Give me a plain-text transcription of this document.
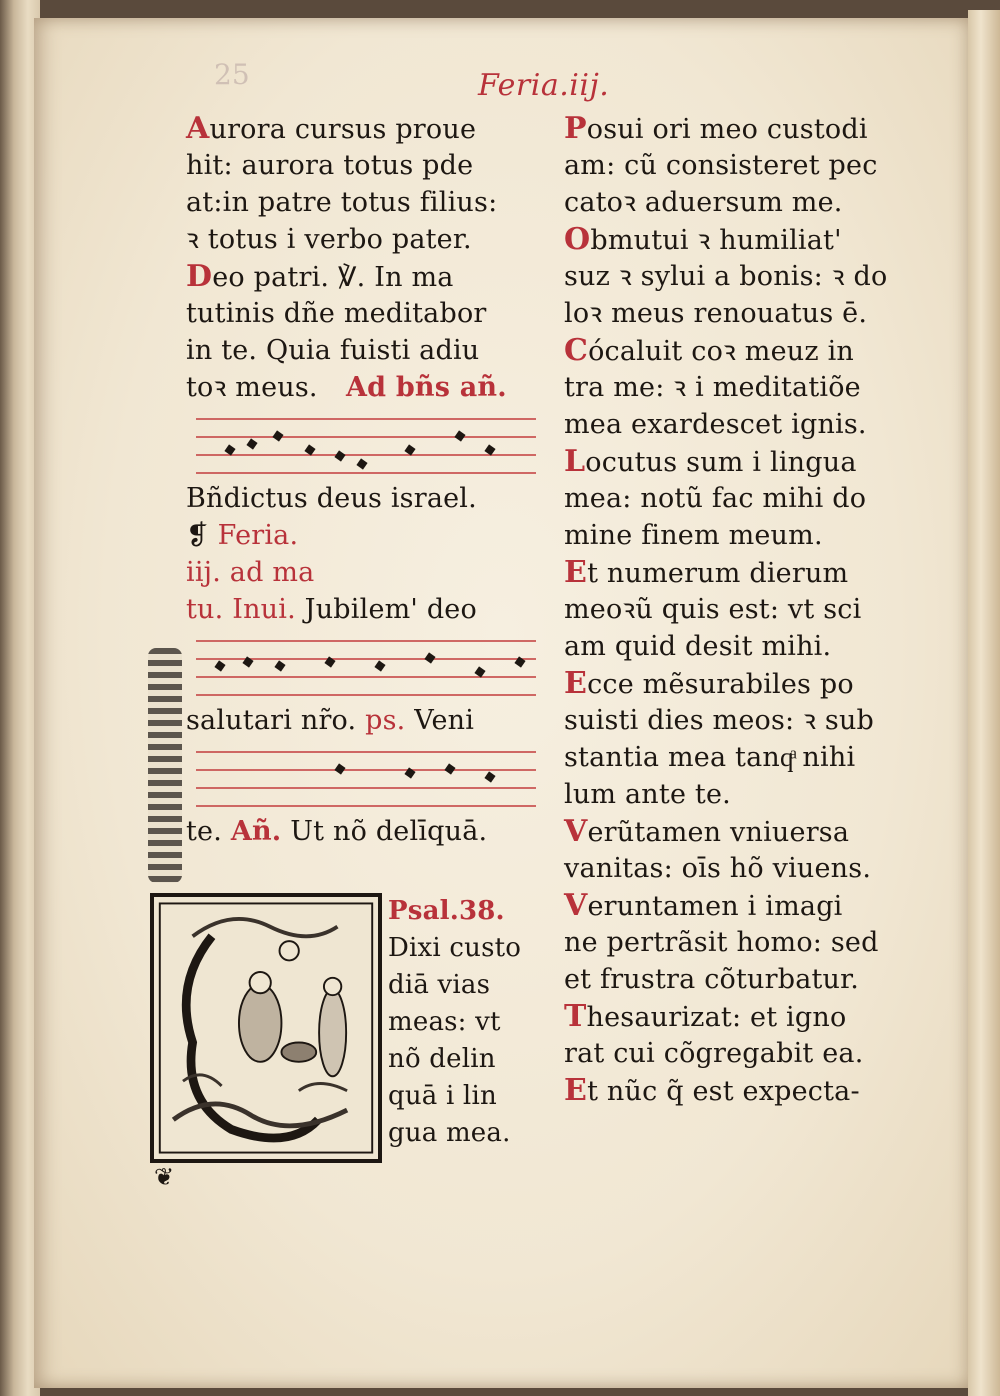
25	Feria.iij.
Aurora cursus proue
hit: aurora totus pde
at:in patre totus filius:
ꝛ totus i verbo pater.
Deo patri. ℣. In ma
tutinis dñe meditabor
in te. Quia fuisti adiu
toꝛ meus.	Ad bñs añ.
Bñdictus deus israel.
❡ Feria.
iij. ad ma
tu. Inui. Jubilem' deo
salutari nr̃o. ps. Veni
te. Añ. Ut nõ delīquā.
Psal.38.
Dixi custo
diā vias
meas: vt
nõ delin
quā i lin
gua mea.
❦
Posui ori meo custodi
am: cũ consisteret pec
catoꝛ aduersum me.
Obmutui ꝛ humiliat'
suz ꝛ sylui a bonis: ꝛ do
loꝛ meus renouatus ē.
Cócaluit coꝛ meuz in
tra me: ꝛ i meditatiõe
mea exardescet ignis.
Locutus sum i lingua
mea: notũ fac mihi do
mine finem meum.
Et numerum dierum
meoꝛũ quis est: vt sci
am quid desit mihi.
Ecce mẽsurabiles po
suisti dies meos: ꝛ sub
stantia mea tanqͣ nihi
lum ante te.
Verũtamen vniuersa
vanitas: oīs hõ viuens.
Veruntamen i imagi
ne pertrãsit homo: sed
et frustra cõturbatur.
Thesaurizat: et igno
rat cui cõgregabit ea.
Et nũc q̃ est expecta-
